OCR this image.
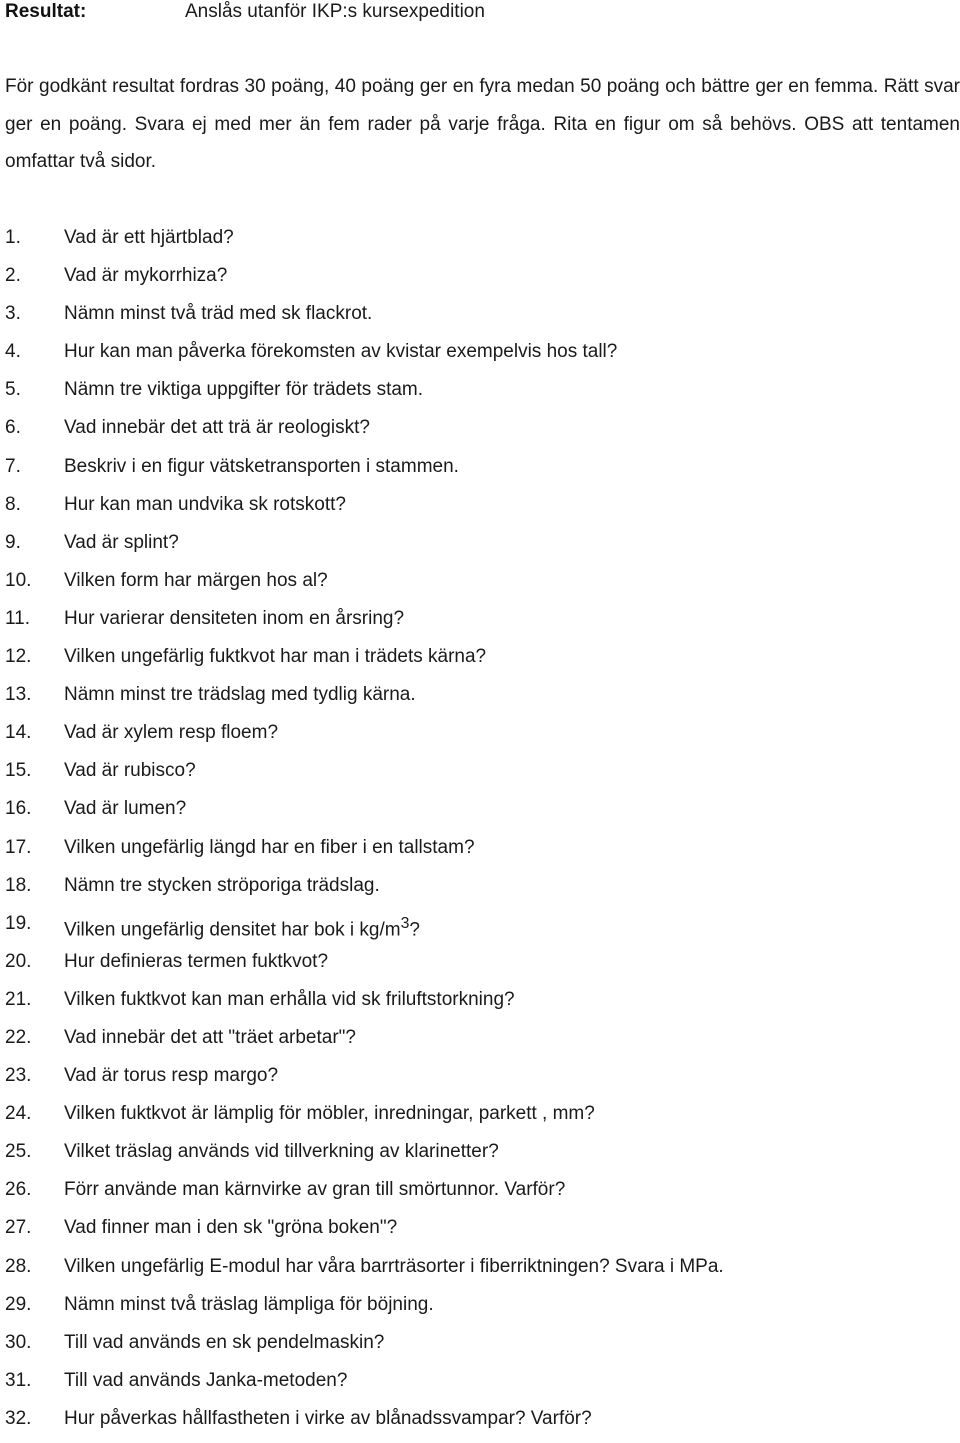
Resultat:	Anslås utanför IKP:s kursexpedition

För godkänt resultat fordras 30 poäng, 40 poäng ger en fyra medan 50 poäng och bättre ger en femma. Rätt svar ger en poäng. Svara ej med mer än fem rader på varje fråga. Rita en figur om så behövs. OBS att tentamen omfattar två sidor.

1. Vad är ett hjärtblad?
2. Vad är mykorrhiza?
3. Nämn minst två träd med sk flackrot.
4. Hur kan man påverka förekomsten av kvistar exempelvis hos tall?
5. Nämn tre viktiga uppgifter för trädets stam.
6. Vad innebär det att trä är reologiskt?
7. Beskriv i en figur vätsketransporten i stammen.
8. Hur kan man undvika sk rotskott?
9. Vad är splint?
10. Vilken form har märgen hos al?
11. Hur varierar densiteten inom en årsring?
12. Vilken ungefärlig fuktkvot har man i trädets kärna?
13. Nämn minst tre trädslag med tydlig kärna.
14. Vad är xylem resp floem?
15. Vad är rubisco?
16. Vad är lumen?
17. Vilken ungefärlig längd har en fiber i en tallstam?
18. Nämn tre stycken ströporiga trädslag.
19. Vilken ungefärlig densitet har bok i $kg/m^3$?
20. Hur definieras termen fuktkvot?
21. Vilken fuktkvot kan man erhålla vid sk friluftstorkning?
22. Vad innebär det att "träet arbetar"?
23. Vad är torus resp margo?
24. Vilken fuktkvot är lämplig för möbler, inredningar, parkett , mm?
25. Vilket träslag används vid tillverkning av klarinetter?
26. Förr använde man kärnvirke av gran till smörtunnor. Varför?
27. Vad finner man i den sk "gröna boken"?
28. Vilken ungefärlig E-modul har våra barrträsorter i fiberriktningen? Svara i MPa.
29. Nämn minst två träslag lämpliga för böjning.
30. Till vad används en sk pendelmaskin?
31. Till vad används Janka-metoden?
32. Hur påverkas hållfastheten i virke av blånadssvampar? Varför?
